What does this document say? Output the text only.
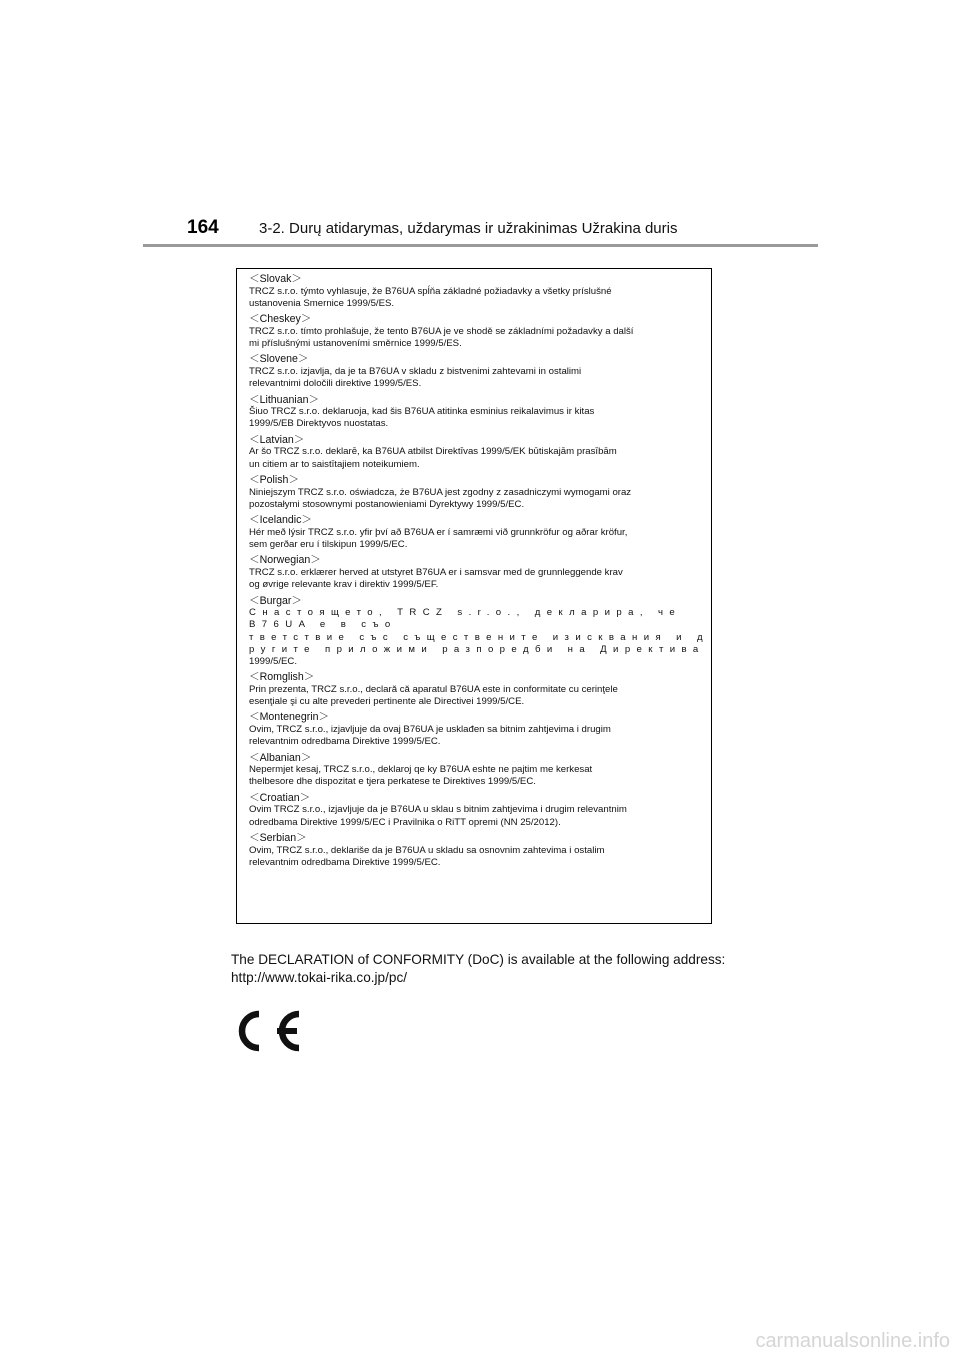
164	3-2. Durų atidarymas, uždarymas ir užrakinimas Užrakina duris
＜Slovak＞
TRCZ s.r.o. týmto vyhlasuje, že B76UA spĺňa základné požiadavky a všetky príslušné
ustanovenia Smernice 1999/5/ES.
＜Cheskey＞
TRCZ s.r.o. tímto prohlašuje, že tento B76UA je ve shodě se základními požadavky a další
mi příslušnými ustanoveními směrnice 1999/5/ES.
＜Slovene＞
TRCZ s.r.o. izjavlja, da je ta B76UA v skladu z bistvenimi zahtevami in ostalimi
relevantnimi določili direktive 1999/5/ES.
＜Lithuanian＞
Šiuo TRCZ s.r.o. deklaruoja, kad šis B76UA atitinka esminius reikalavimus ir kitas
1999/5/EB Direktyvos nuostatas.
＜Latvian＞
Ar šo TRCZ s.r.o. deklarē, ka B76UA atbilst Direktīvas 1999/5/EK būtiskajām prasībām
un citiem ar to saistītajiem noteikumiem.
＜Polish＞
Niniejszym TRCZ s.r.o. oświadcza, że B76UA jest zgodny z zasadniczymi wymogami oraz
pozostałymi stosownymi postanowieniami Dyrektywy 1999/5/EC.
＜Icelandic＞
Hér með lýsir TRCZ s.r.o. yfir því að B76UA er í samræmi við grunnkröfur og aðrar kröfur,
sem gerðar eru í tilskipun 1999/5/EC.
＜Norwegian＞
TRCZ s.r.o. erklærer herved at utstyret B76UA er i samsvar med de grunnleggende krav
og øvrige relevante krav i direktiv 1999/5/EF.
＜Burgar＞
Снастоящето, TRCZ s.r.o., декларира, че B76UA е в съо
тветствие със съществените изисквания и д
ругите приложими разпоредби на Директива
1999/5/ЕС.
＜Romglish＞
Prin prezenta, TRCZ s.r.o., declară că aparatul B76UA este in conformitate cu cerinţele
esenţiale şi cu alte prevederi pertinente ale Directivei 1999/5/CE.
＜Montenegrin＞
Ovim, TRCZ s.r.o., izjavljuje da ovaj B76UA je usklađen sa bitnim zahtjevima i drugim
relevantnim odredbama Direktive 1999/5/EC.
＜Albanian＞
Nepermjet kesaj, TRCZ s.r.o., deklaroj qe ky B76UA eshte ne pajtim me kerkesat
thelbesore dhe dispozitat e tjera perkatese te Direktives 1999/5/EC.
＜Croatian＞
Ovim TRCZ s.r.o., izjavljuje da je B76UA u sklau s bitnim zahtjevima i drugim relevantnim
odredbama Direktive 1999/5/EC i Pravilnika o RiTT opremi (NN 25/2012).
＜Serbian＞
Ovim, TRCZ s.r.o., deklariše da je B76UA u skladu sa osnovnim zahtevima i ostalim
relevantnim odredbama Direktive 1999/5/EC.
The DECLARATION of CONFORMITY (DoC) is available at the following address:
http://www.tokai-rika.co.jp/pc/
carmanualsonline.info
